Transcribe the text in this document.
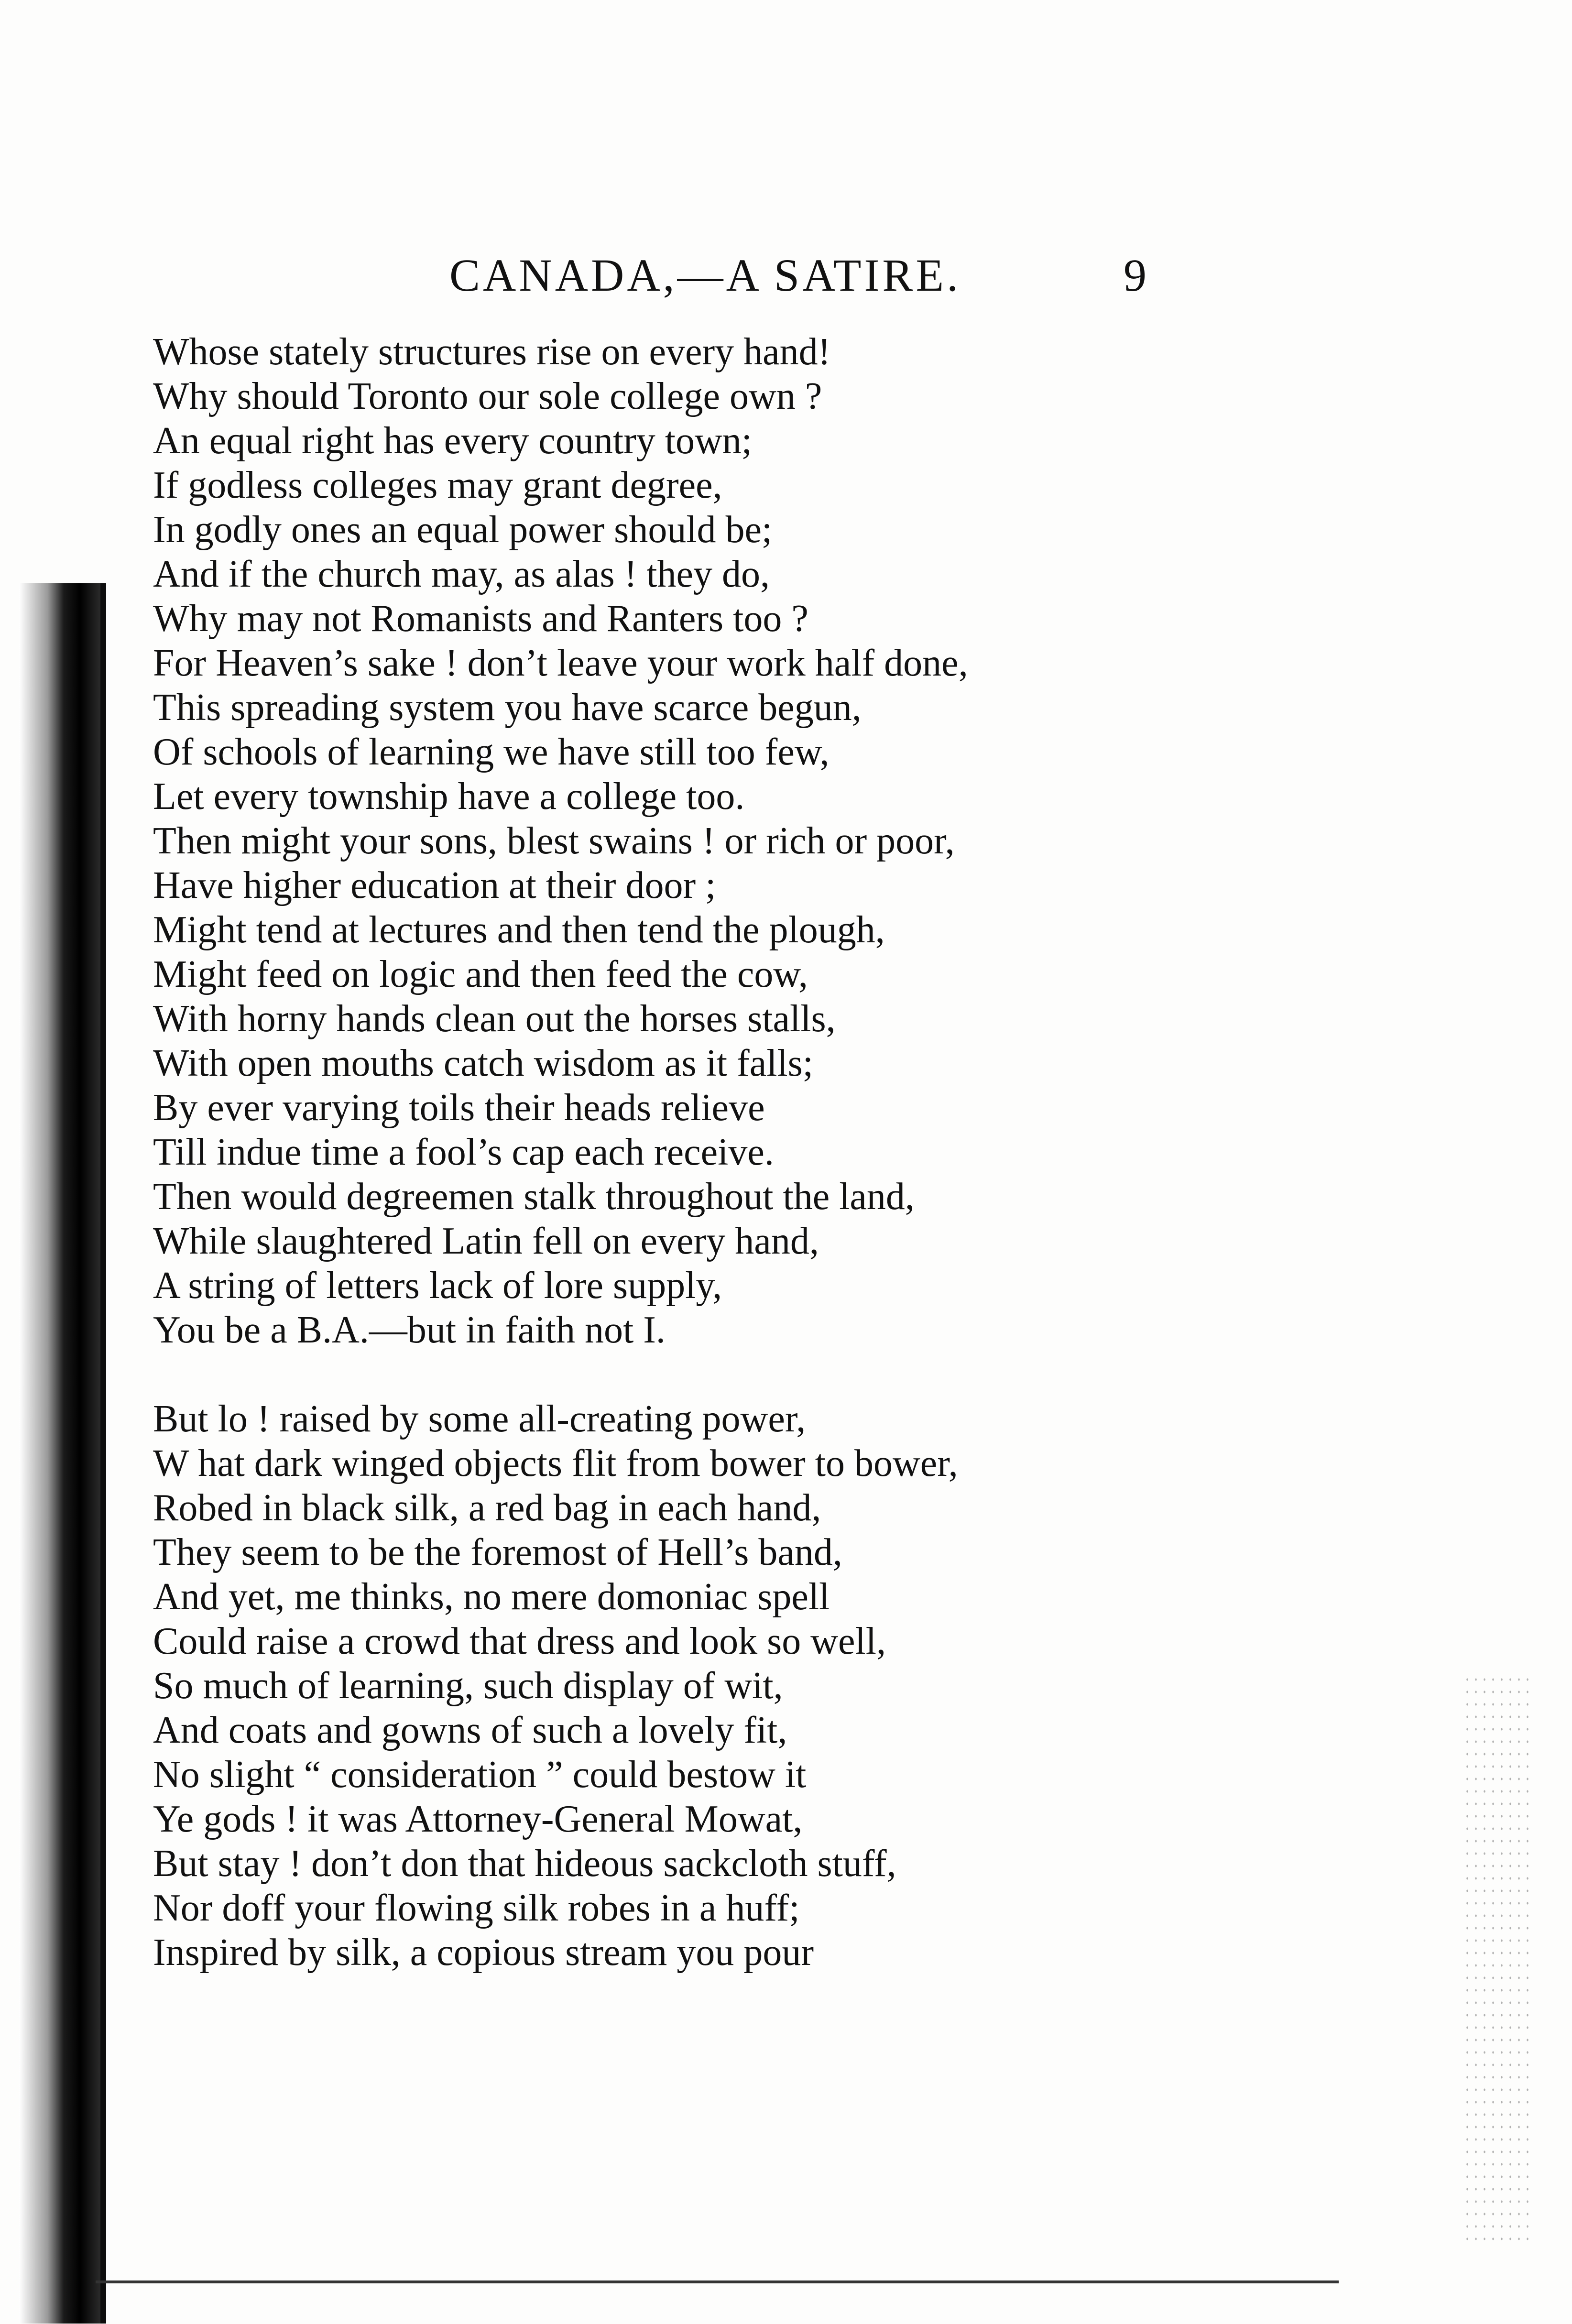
CANADA,—A SATIRE.	9
Whose stately structures rise on every hand!
Why should Toronto our sole college own ?
An equal right has every country town;
If godless colleges may grant degree,
In godly ones an equal power should be;
And if the church may, as alas ! they do,
Why may not Romanists and Ranters too ?
For Heaven’s sake ! don’t leave your work half done,
This spreading system you have scarce begun,
Of schools of learning we have still too few,
Let every township have a college too.
Then might your sons, blest swains ! or rich or poor,
Have higher education at their door ;
Might tend at lectures and then tend the plough,
Might feed on logic and then feed the cow,
With horny hands clean out the horses stalls,
With open mouths catch wisdom as it falls;
By ever varying toils their heads relieve
Till indue time a fool’s cap each receive.
Then would degreemen stalk throughout the land,
While slaughtered Latin fell on every hand,
A string of letters lack of lore supply,
You be a B.A.—but in faith not I.
But lo ! raised by some all-creating power,
W hat dark winged objects flit from bower to bower,
Robed in black silk, a red bag in each hand,
They seem to be the foremost of Hell’s band,
And yet, me thinks, no mere domoniac spell
Could raise a crowd that dress and look so well,
So much of learning, such display of wit,
And coats and gowns of such a lovely fit,
No slight “ consideration ” could bestow it
Ye gods ! it was Attorney-General Mowat,
But stay ! don’t don that hideous sackcloth stuff,
Nor doff your flowing silk robes in a huff;
Inspired by silk, a copious stream you pour
